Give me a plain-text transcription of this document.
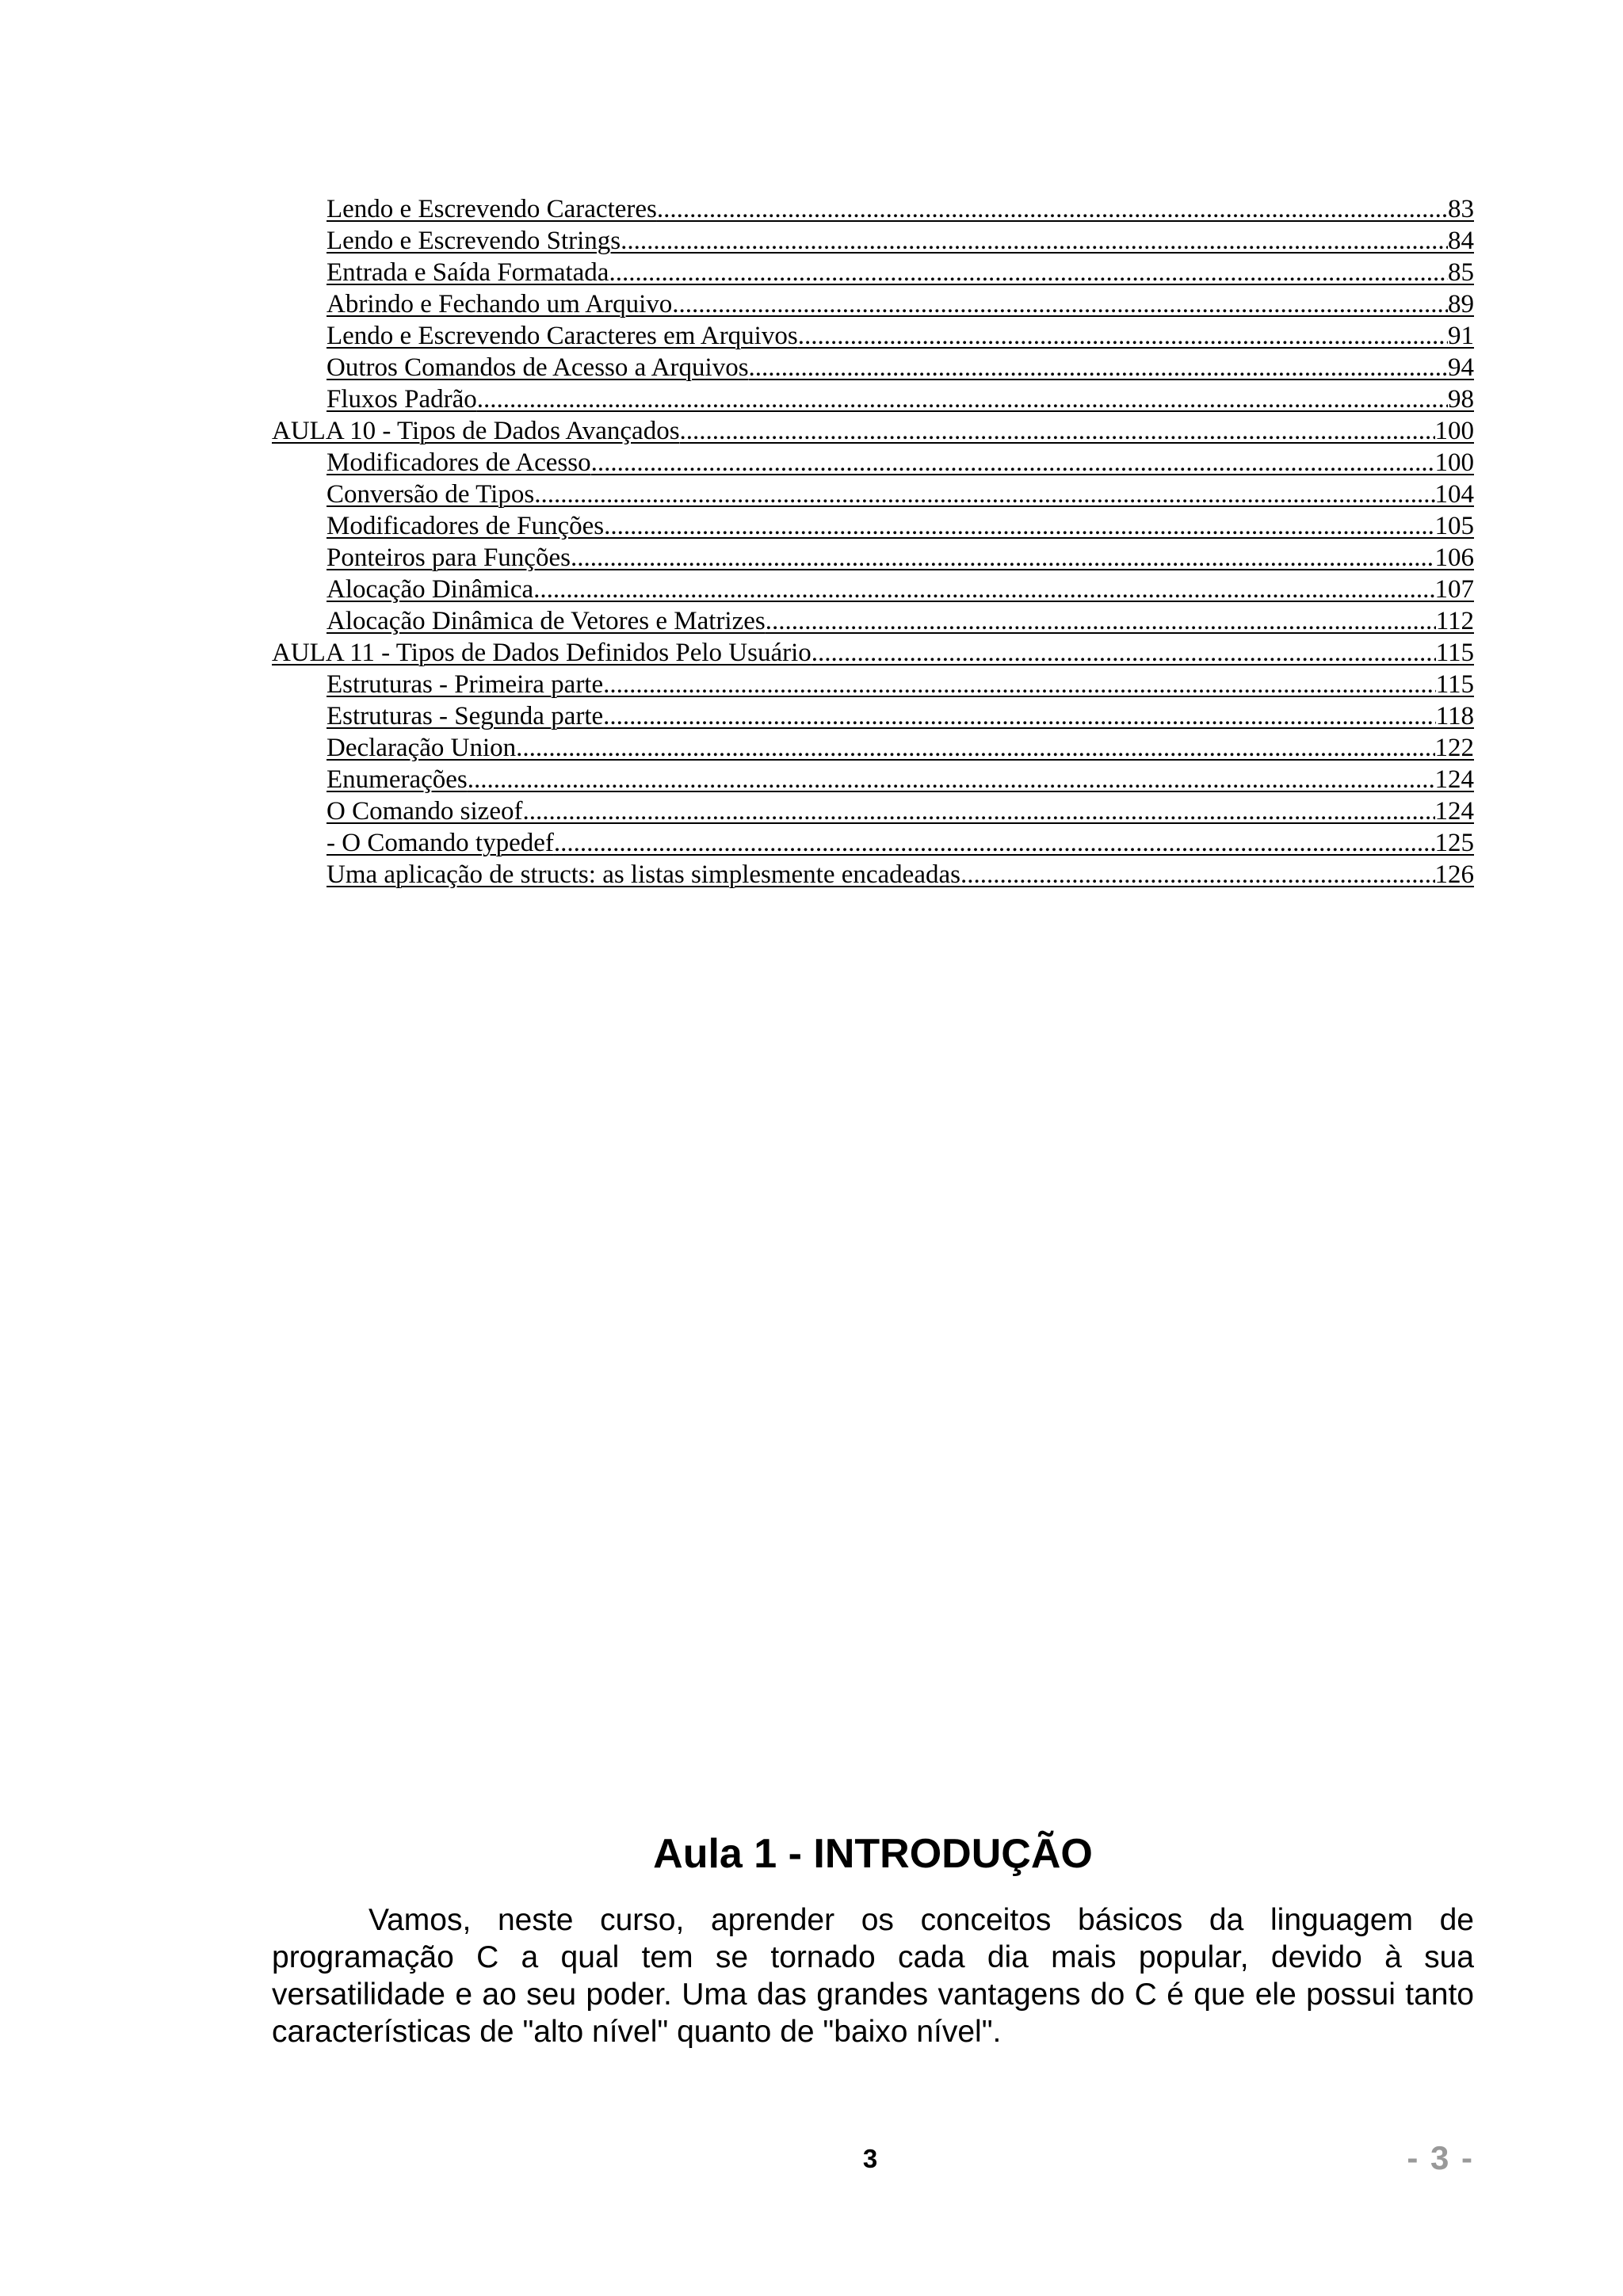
Lendo e Escrevendo Caracteres .....	83
Lendo e Escrevendo Strings .....	84
Entrada e Saída Formatada .....	85
Abrindo e Fechando um Arquivo .....	89
Lendo e Escrevendo Caracteres em Arquivos .....	91
Outros Comandos de Acesso a Arquivos .....	94
Fluxos Padrão .....	98
AULA 10 - Tipos de Dados Avançados .....	100
Modificadores de Acesso .....	100
Conversão de Tipos .....	104
Modificadores de Funções .....	105
Ponteiros para Funções .....	106
Alocação Dinâmica .....	107
Alocação Dinâmica de Vetores e Matrizes .....	112
AULA 11 - Tipos de Dados Definidos Pelo Usuário .....	115
Estruturas - Primeira parte .....	115
Estruturas - Segunda parte .....	118
Declaração Union .....	122
Enumerações .....	124
O Comando sizeof .....	124
- O Comando typedef .....	125
Uma aplicação de structs: as listas simplesmente encadeadas .....	126
Aula 1 - INTRODUÇÃO

Vamos, neste curso, aprender os conceitos básicos da linguagem de programação C a qual tem se tornado cada dia mais popular, devido à sua versatilidade e ao seu poder. Uma das grandes vantagens do C é que ele possui tanto características de "alto nível" quanto de "baixo nível".

3	- 3 -
